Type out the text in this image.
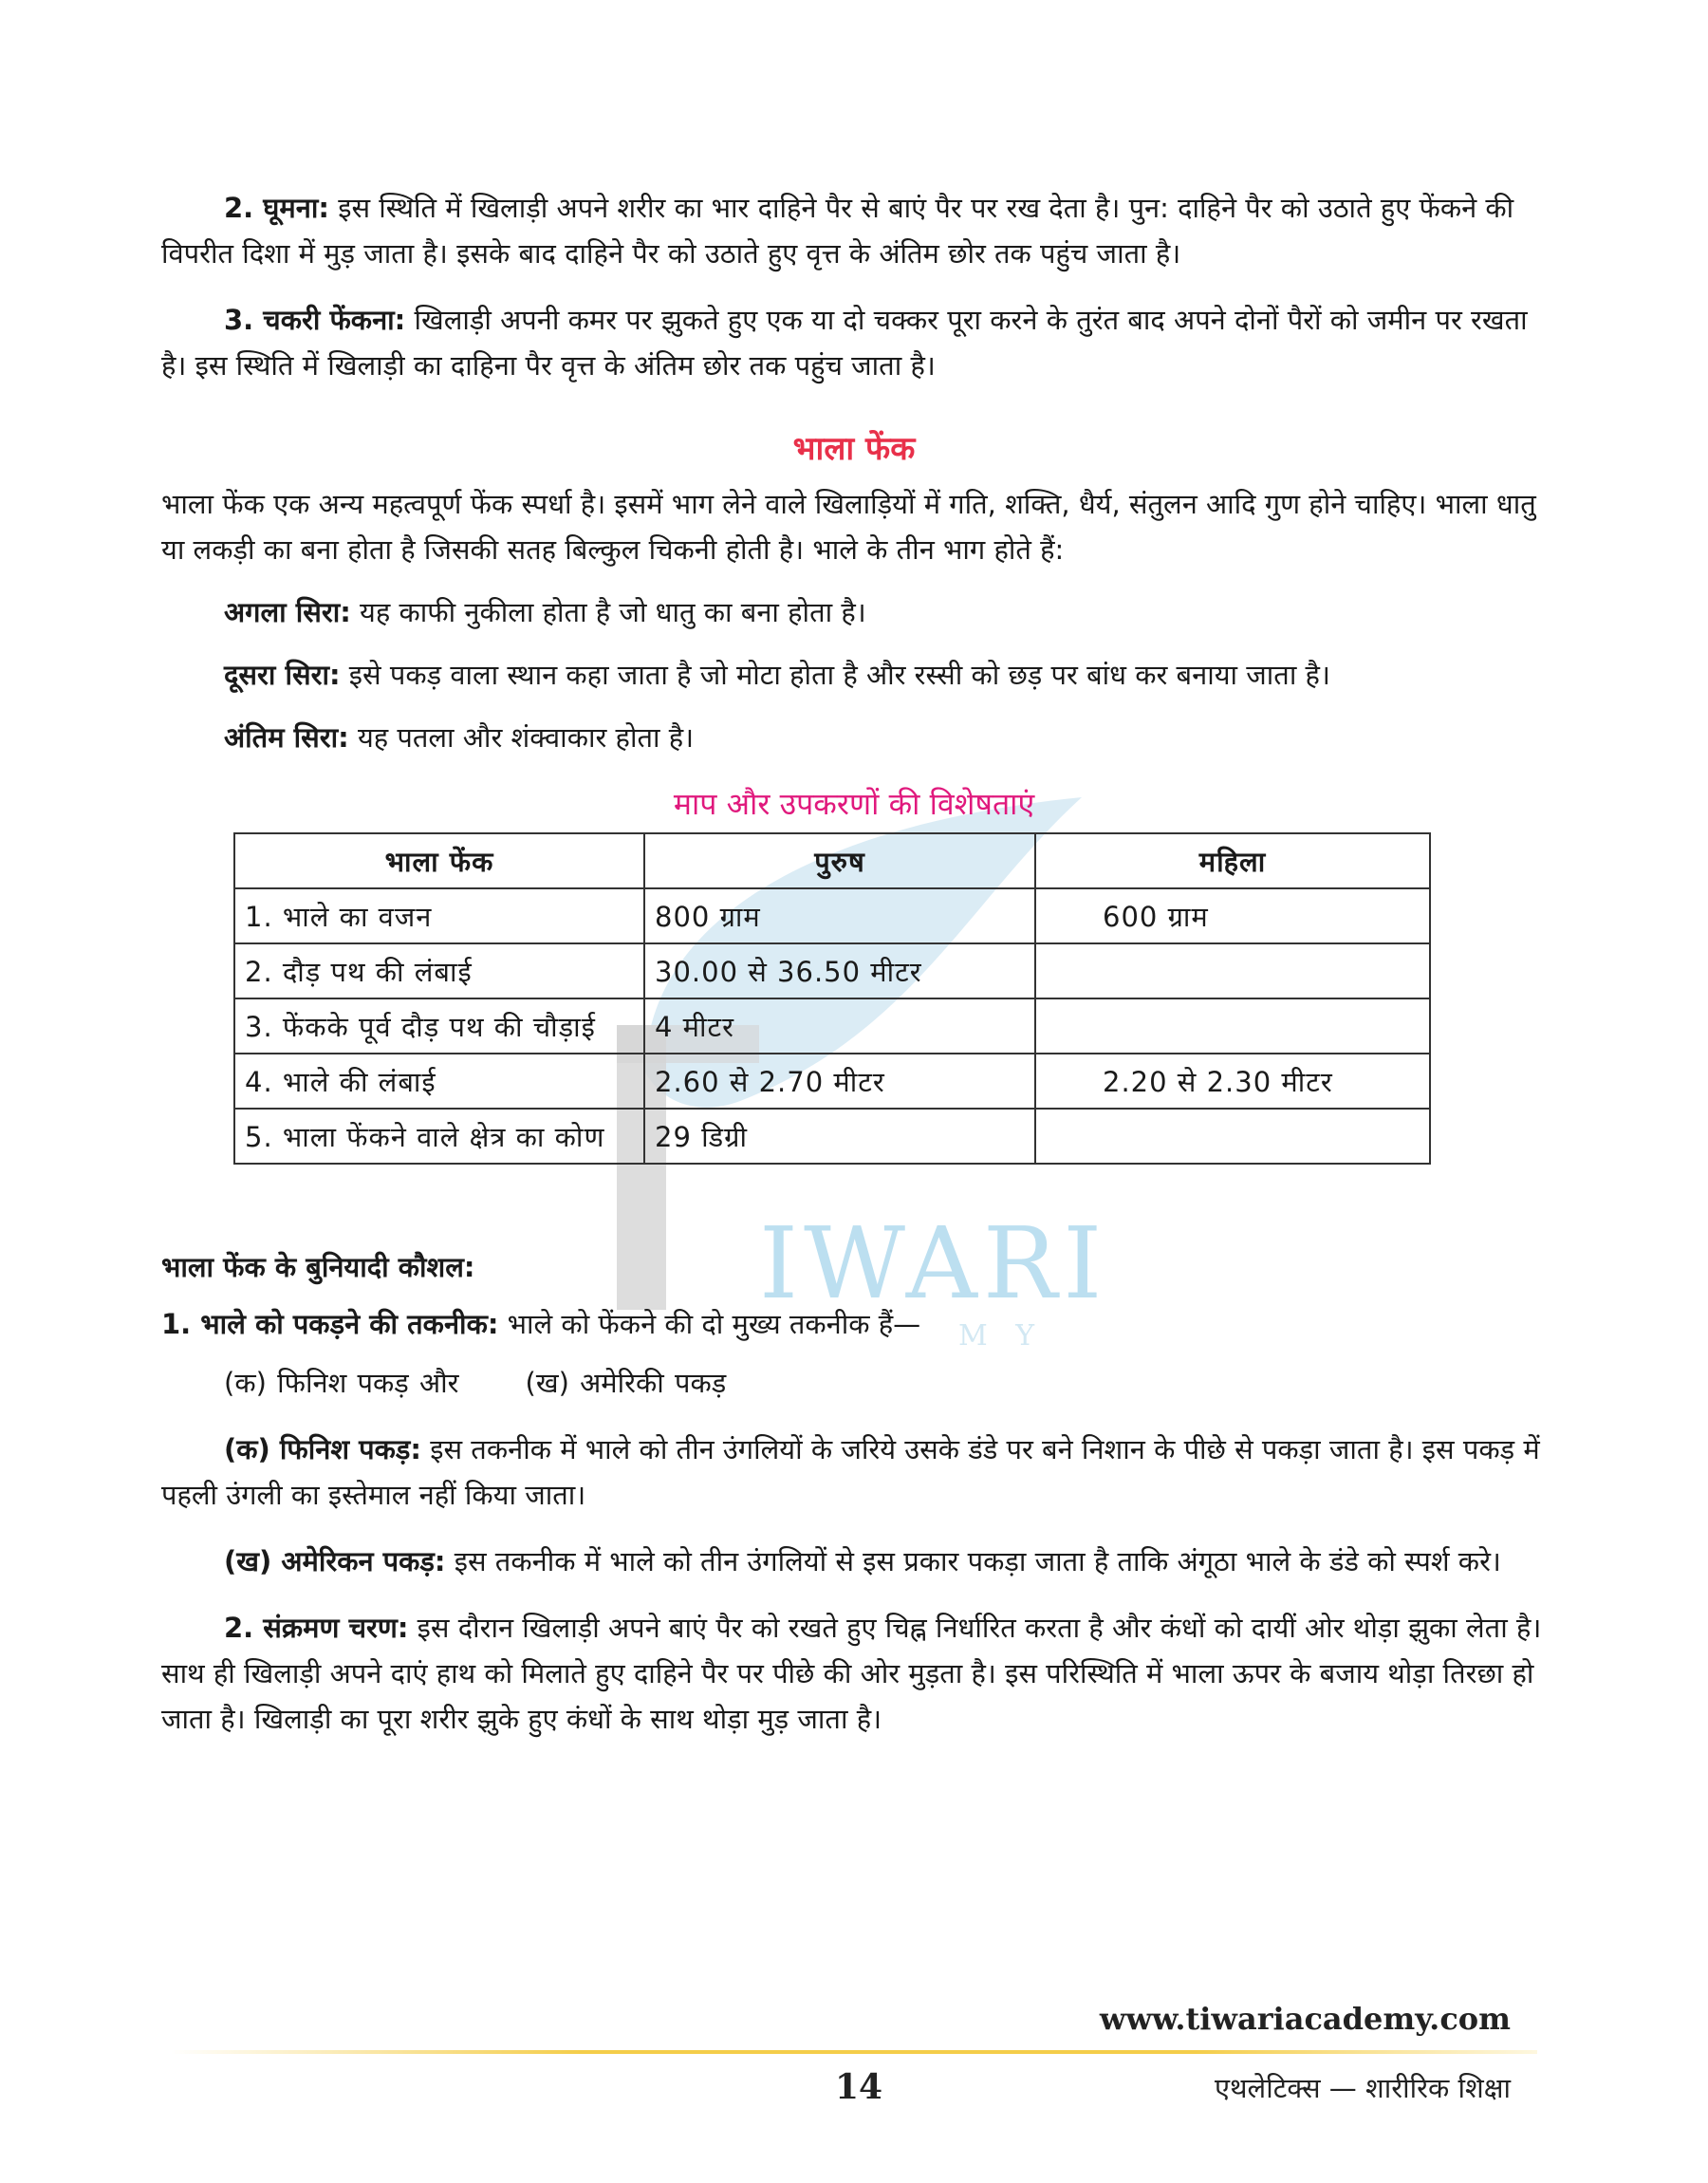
IWARI
M Y

2. घूमना: इस स्थिति में खिलाड़ी अपने शरीर का भार दाहिने पैर से बाएं पैर पर रख देता है। पुन: दाहिने पैर को उठाते हुए फेंकने की विपरीत दिशा में मुड़ जाता है। इसके बाद दाहिने पैर को उठाते हुए वृत्त के अंतिम छोर तक पहुंच जाता है।

3. चकरी फेंकना: खिलाड़ी अपनी कमर पर झुकते हुए एक या दो चक्कर पूरा करने के तुरंत बाद अपने दोनों पैरों को जमीन पर रखता है। इस स्थिति में खिलाड़ी का दाहिना पैर वृत्त के अंतिम छोर तक पहुंच जाता है।

भाला फेंक

भाला फेंक एक अन्य महत्वपूर्ण फेंक स्पर्धा है। इसमें भाग लेने वाले खिलाड़ियों में गति, शक्ति, धैर्य, संतुलन आदि गुण होने चाहिए। भाला धातु या लकड़ी का बना होता है जिसकी सतह बिल्कुल चिकनी होती है। भाले के तीन भाग होते हैं:

अगला सिरा: यह काफी नुकीला होता है जो धातु का बना होता है।

दूसरा सिरा: इसे पकड़ वाला स्थान कहा जाता है जो मोटा होता है और रस्सी को छड़ पर बांध कर बनाया जाता है।

अंतिम सिरा: यह पतला और शंक्वाकार होता है।

माप और उपकरणों की विशेषताएं
भाला फेंक	पुरुष	महिला
1. भाले का वजन	800 ग्राम	600 ग्राम
2. दौड़ पथ की लंबाई	30.00 से 36.50 मीटर	
3. फेंकके पूर्व दौड़ पथ की चौड़ाई	4 मीटर	
4. भाले की लंबाई	2.60 से 2.70 मीटर	2.20 से 2.30 मीटर
5. भाला फेंकने वाले क्षेत्र का कोण	29 डिग्री	

भाला फेंक के बुनियादी कौशल:

1. भाले को पकड़ने की तकनीक: भाले को फेंकने की दो मुख्य तकनीक हैं—

(क) फिनिश पकड़ और (ख) अमेरिकी पकड़

(क) फिनिश पकड़: इस तकनीक में भाले को तीन उंगलियों के जरिये उसके डंडे पर बने निशान के पीछे से पकड़ा जाता है। इस पकड़ में पहली उंगली का इस्तेमाल नहीं किया जाता।

(ख) अमेरिकन पकड़: इस तकनीक में भाले को तीन उंगलियों से इस प्रकार पकड़ा जाता है ताकि अंगूठा भाले के डंडे को स्पर्श करे।

2. संक्रमण चरण: इस दौरान खिलाड़ी अपने बाएं पैर को रखते हुए चिह्न निर्धारित करता है और कंधों को दायीं ओर थोड़ा झुका लेता है। साथ ही खिलाड़ी अपने दाएं हाथ को मिलाते हुए दाहिने पैर पर पीछे की ओर मुड़ता है। इस परिस्थिति में भाला ऊपर के बजाय थोड़ा तिरछा हो जाता है। खिलाड़ी का पूरा शरीर झुके हुए कंधों के साथ थोड़ा मुड़ जाता है।

www.tiwariacademy.com
14	एथलेटिक्स — शारीरिक शिक्षा
